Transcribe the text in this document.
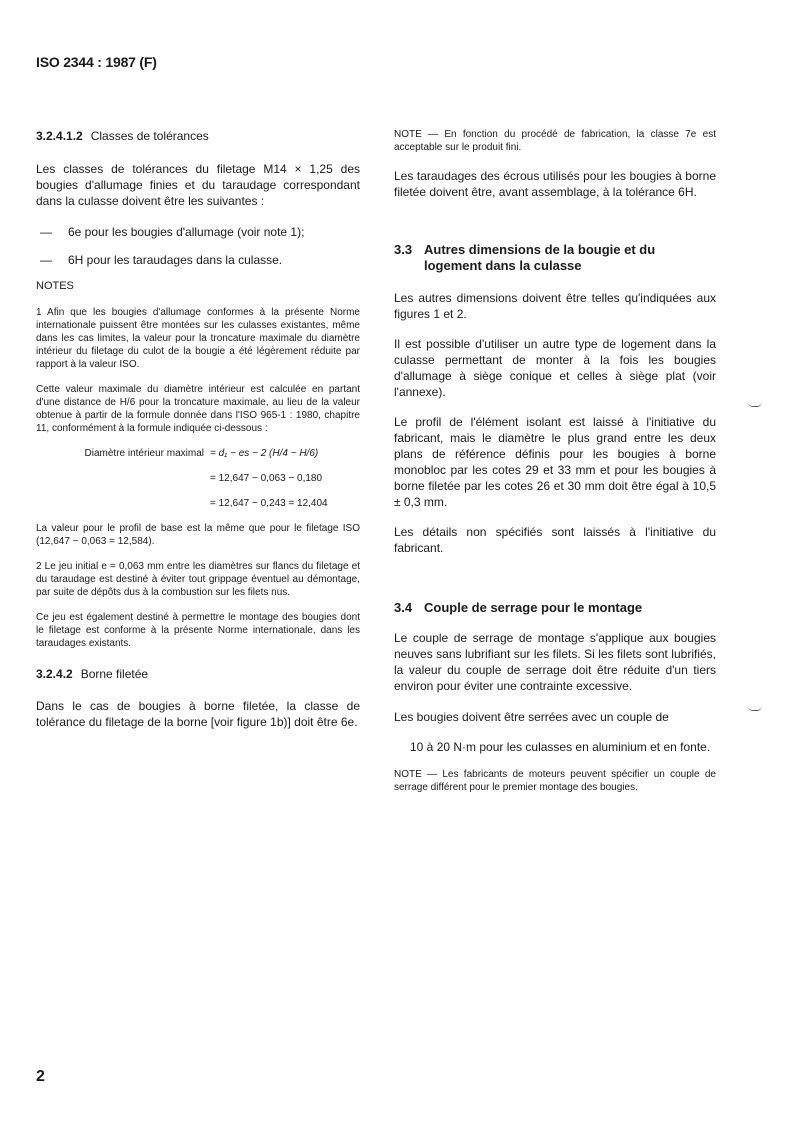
ISO 2344 : 1987 (F)

3.2.4.1.2 Classes de tolérances

Les classes de tolérances du filetage M14 × 1,25 des bougies d'allumage finies et du taraudage correspondant dans la culasse doivent être les suivantes :

—	6e pour les bougies d'allumage (voir note 1);

—	6H pour les taraudages dans la culasse.

NOTES

1 Afin que les bougies d'allumage conformes à la présente Norme internationale puissent être montées sur les culasses existantes, même dans les cas limites, la valeur pour la troncature maximale du diamètre intérieur du filetage du culot de la bougie a été légèrement réduite par rapport à la valeur ISO.

Cette valeur maximale du diamètre intérieur est calculée en partant d'une distance de H/6 pour la troncature maximale, au lieu de la valeur obtenue à partir de la formule donnée dans l'ISO 965-1 : 1980, chapitre 11, conformément à la formule indiquée ci-dessous :

Diamètre intérieur maximal = d₁ − es − 2 (H/4 − H/6)
= 12,647 − 0,063 − 0,180
= 12,647 − 0,243 = 12,404

La valeur pour le profil de base est la même que pour le filetage ISO (12,647 − 0,063 = 12,584).

2 Le jeu initial e = 0,063 mm entre les diamètres sur flancs du filetage et du taraudage est destiné à éviter tout grippage éventuel au démontage, par suite de dépôts dus à la combustion sur les filets nus.

Ce jeu est également destiné à permettre le montage des bougies dont le filetage est conforme à la présente Norme internationale, dans les taraudages existants.

3.2.4.2 Borne filetée

Dans le cas de bougies à borne filetée, la classe de tolérance du filetage de la borne [voir figure 1b)] doit être 6e.

NOTE — En fonction du procédé de fabrication, la classe 7e est acceptable sur le produit fini.

Les taraudages des écrous utilisés pour les bougies à borne filetée doivent être, avant assemblage, à la tolérance 6H.

3.3 Autres dimensions de la bougie et du logement dans la culasse

Les autres dimensions doivent être telles qu'indiquées aux figures 1 et 2.

Il est possible d'utiliser un autre type de logement dans la culasse permettant de monter à la fois les bougies d'allumage à siège conique et celles à siège plat (voir l'annexe).

Le profil de l'élément isolant est laissé à l'initiative du fabricant, mais le diamètre le plus grand entre les deux plans de référence définis pour les bougies à borne monobloc par les cotes 29 et 33 mm et pour les bougies à borne filetée par les cotes 26 et 30 mm doit être égal à 10,5 ± 0,3 mm.

Les détails non spécifiés sont laissés à l'initiative du fabricant.

3.4 Couple de serrage pour le montage

Le couple de serrage de montage s'applique aux bougies neuves sans lubrifiant sur les filets. Si les filets sont lubrifiés, la valeur du couple de serrage doit être réduite d'un tiers environ pour éviter une contrainte excessive.

Les bougies doivent être serrées avec un couple de

10 à 20 N·m pour les culasses en aluminium et en fonte.

NOTE — Les fabricants de moteurs peuvent spécifier un couple de serrage différent pour le premier montage des bougies.

2
